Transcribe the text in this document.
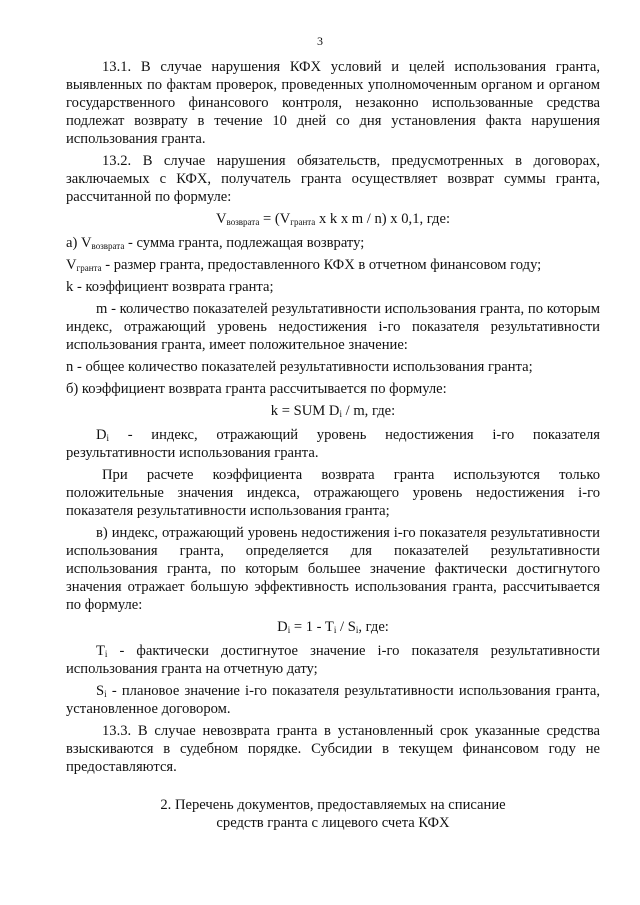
3

13.1. В случае нарушения КФХ условий и целей использования гранта, выявленных по фактам проверок, проведенных уполномоченным органом и органом государственного финансового контроля, незаконно использованные средства подлежат возврату в течение 10 дней со дня установления факта нарушения использования гранта.

13.2. В случае нарушения обязательств, предусмотренных в договорах, заключаемых с КФХ, получатель гранта осуществляет возврат суммы гранта, рассчитанной по формуле:

$V_{возврата} = (V_{гранта}$ x k x m / n) x 0,1, где:

а) $V_{возврата}$ - сумма гранта, подлежащая возврату;

$V_{гранта}$ - размер гранта, предоставленного КФХ в отчетном финансовом году;

k - коэффициент возврата гранта;

m - количество показателей результативности использования гранта, по которым индекс, отражающий уровень недостижения i-го показателя результативности использования гранта, имеет положительное значение:

n - общее количество показателей результативности использования гранта;

б) коэффициент возврата гранта рассчитывается по формуле:

k = SUM $D_i$ / m, где:

$D_i$ - индекс, отражающий уровень недостижения i-го показателя результативности использования гранта.

При расчете коэффициента возврата гранта используются только положительные значения индекса, отражающего уровень недостижения i-го показателя результативности использования гранта;

в) индекс, отражающий уровень недостижения i-го показателя результативности использования гранта, определяется для показателей результативности использования гранта, по которым большее значение фактически достигнутого значения отражает большую эффективность использования гранта, рассчитывается по формуле:

$D_i = 1 - T_i / S_i$, где:

$T_i$ - фактически достигнутое значение i-го показателя результативности использования гранта на отчетную дату;

$S_i$ - плановое значение i-го показателя результативности использования гранта, установленное договором.

13.3. В случае невозврата гранта в установленный срок указанные средства взыскиваются в судебном порядке. Субсидии в текущем финансовом году не предоставляются.

2. Перечень документов, предоставляемых на списание
средств гранта с лицевого счета КФХ
